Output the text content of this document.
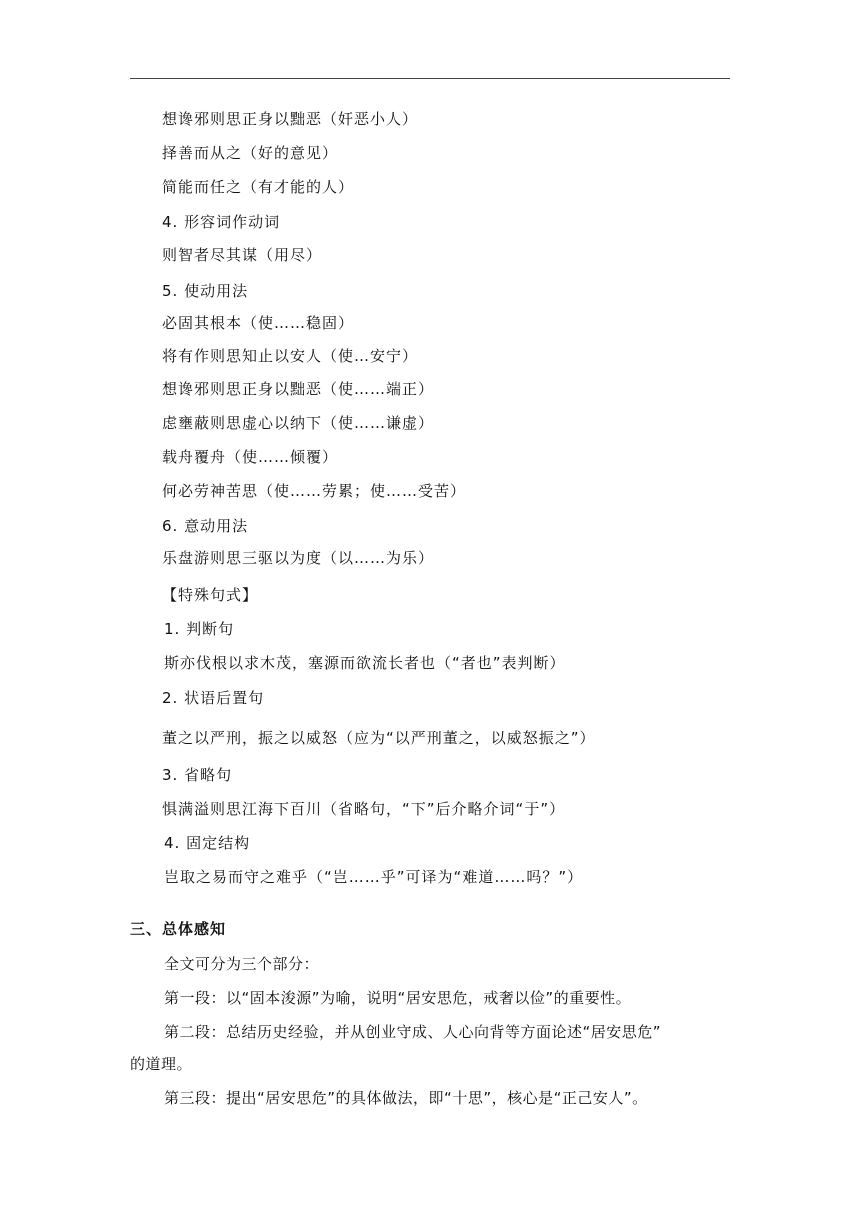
想谗邪则思正身以黜恶（奸恶小人）
择善而从之（好的意见）
简能而任之（有才能的人）
4. 形容词作动词
则智者尽其谋（用尽）
5. 使动用法
必固其根本（使……稳固）
将有作则思知止以安人（使…安宁）
想谗邪则思正身以黜恶（使……端正）
虑壅蔽则思虚心以纳下（使……谦虚）
载舟覆舟（使……倾覆）
何必劳神苦思（使……劳累；使……受苦）
6. 意动用法
乐盘游则思三驱以为度（以……为乐）
【特殊句式】
1. 判断句
斯亦伐根以求木茂，塞源而欲流长者也（“者也”表判断）
2. 状语后置句
董之以严刑，振之以威怒（应为“以严刑董之，以威怒振之”）
3. 省略句
惧满溢则思江海下百川（省略句，“下”后介略介词“于”）
4. 固定结构
岂取之易而守之难乎（“岂……乎”可译为“难道……吗？”）
三、总体感知
全文可分为三个部分：
第一段：以“固本浚源”为喻，说明“居安思危，戒奢以俭”的重要性。
第二段：总结历史经验，并从创业守成、人心向背等方面论述“居安思危”
的道理。
第三段：提出“居安思危”的具体做法，即“十思”，核心是“正己安人”。
